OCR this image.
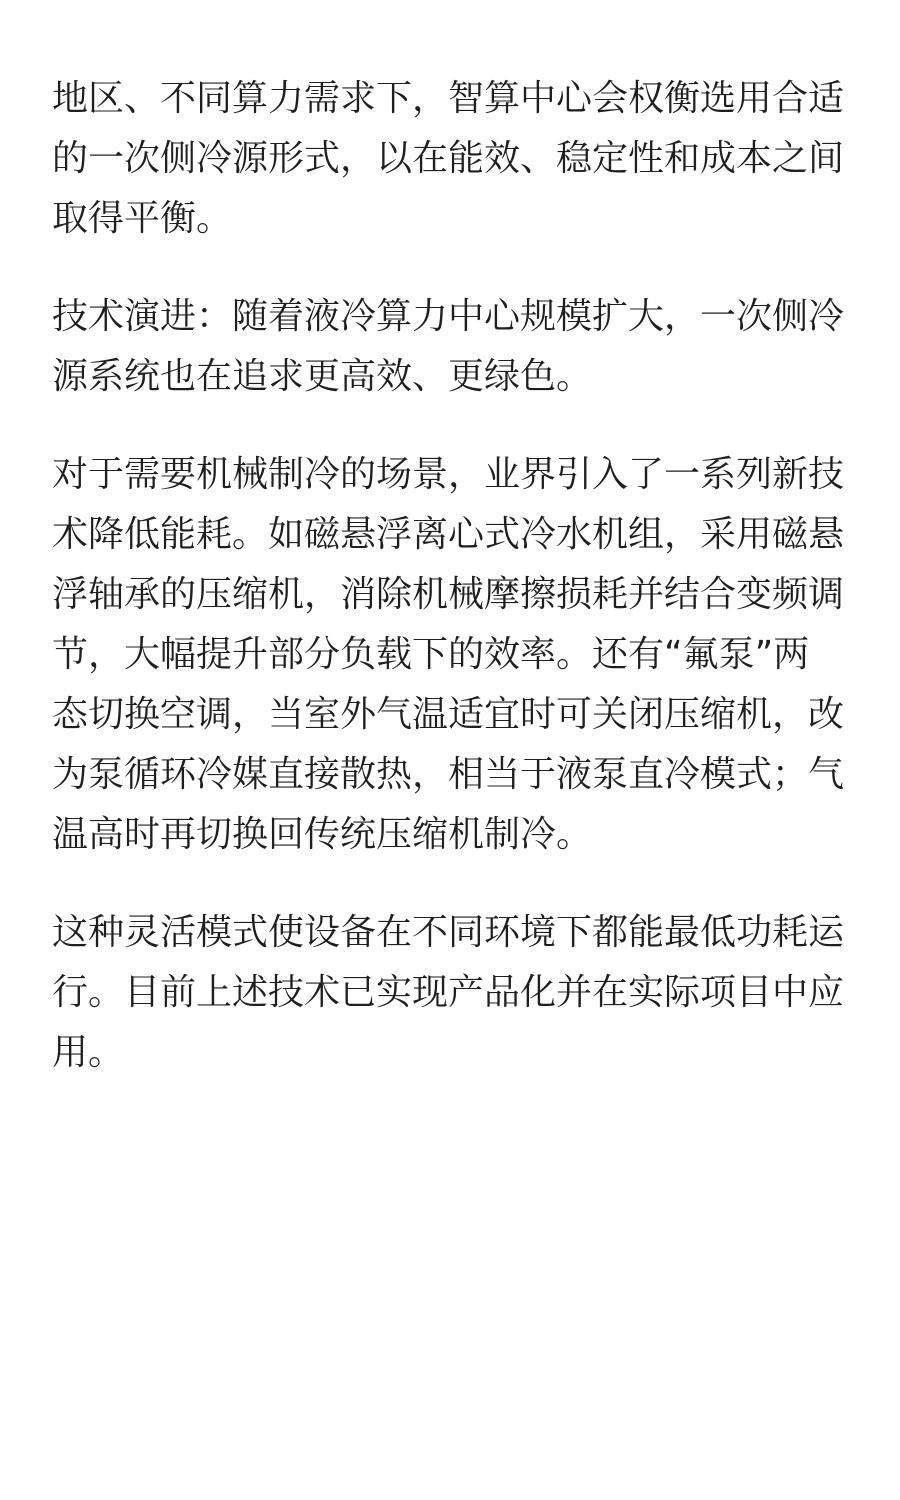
地区、不同算力需求下，智算中心会权衡选用合适
的一次侧冷源形式，以在能效、稳定性和成本之间
取得平衡。

技术演进：随着液冷算力中心规模扩大，一次侧冷
源系统也在追求更高效、更绿色。

对于需要机械制冷的场景，业界引入了一系列新技
术降低能耗。如磁悬浮离心式冷水机组，采用磁悬
浮轴承的压缩机，消除机械摩擦损耗并结合变频调
节，大幅提升部分负载下的效率。还有“氟泵”两
态切换空调，当室外气温适宜时可关闭压缩机，改
为泵循环冷媒直接散热，相当于液泵直冷模式；气
温高时再切换回传统压缩机制冷。

这种灵活模式使设备在不同环境下都能最低功耗运
行。目前上述技术已实现产品化并在实际项目中应
用。
